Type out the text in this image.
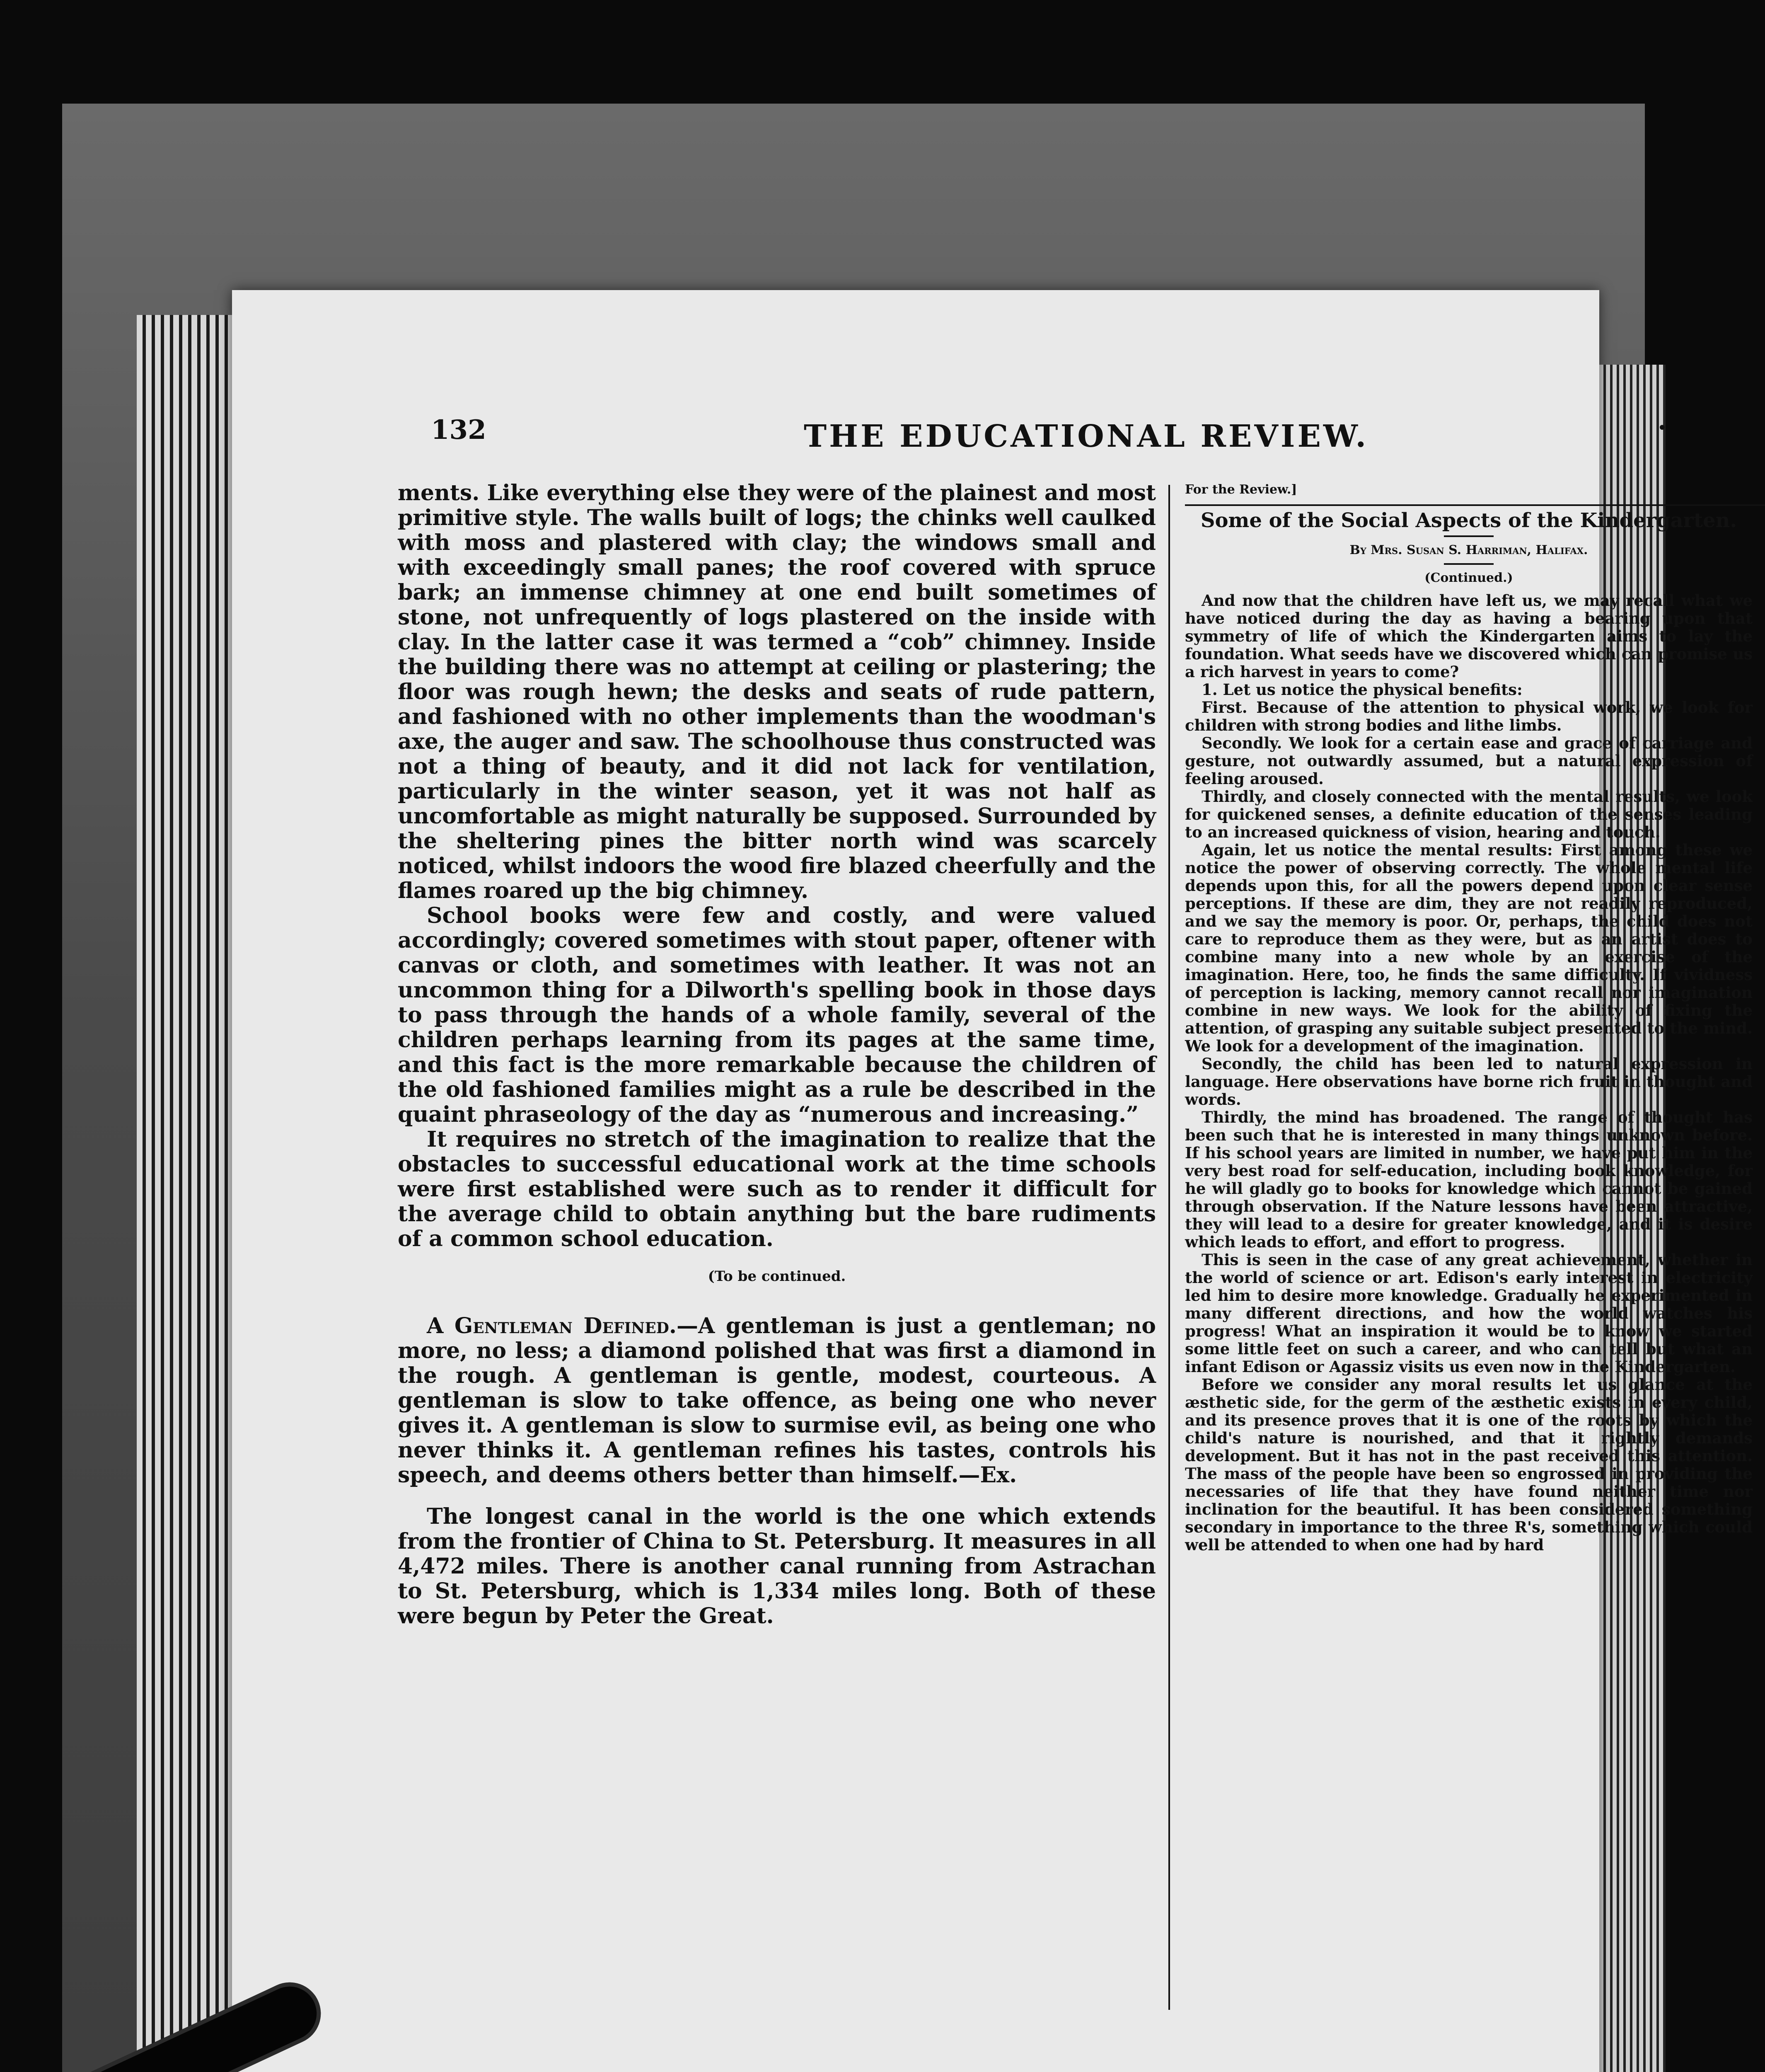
132	THE EDUCATIONAL REVIEW.	•

ments. Like everything else they were of the plainest and most primitive style. The walls built of logs; the chinks well caulked with moss and plastered with clay; the windows small and with exceedingly small panes; the roof covered with spruce bark; an immense chimney at one end built sometimes of stone, not unfrequently of logs plastered on the inside with clay. In the latter case it was termed a “cob” chimney. Inside the building there was no attempt at ceiling or plastering; the floor was rough hewn; the desks and seats of rude pattern, and fashioned with no other implements than the woodman's axe, the auger and saw. The schoolhouse thus constructed was not a thing of beauty, and it did not lack for ventilation, particularly in the winter season, yet it was not half as uncomfortable as might naturally be supposed. Surrounded by the sheltering pines the bitter north wind was scarcely noticed, whilst indoors the wood fire blazed cheerfully and the flames roared up the big chimney.

School books were few and costly, and were valued accordingly; covered sometimes with stout paper, oftener with canvas or cloth, and sometimes with leather. It was not an uncommon thing for a Dilworth's spelling book in those days to pass through the hands of a whole family, several of the children perhaps learning from its pages at the same time, and this fact is the more remarkable because the children of the old fashioned families might as a rule be described in the quaint phraseology of the day as “numerous and increasing.”

It requires no stretch of the imagination to realize that the obstacles to successful educational work at the time schools were first established were such as to render it difficult for the average child to obtain anything but the bare rudiments of a common school education.

(To be continued.

A Gentleman Defined.—A gentleman is just a gentleman; no more, no less; a diamond polished that was first a diamond in the rough. A gentleman is gentle, modest, courteous. A gentleman is slow to take offence, as being one who never gives it. A gentleman is slow to surmise evil, as being one who never thinks it. A gentleman refines his tastes, controls his speech, and deems others better than himself.—Ex.

The longest canal in the world is the one which extends from the frontier of China to St. Petersburg. It measures in all 4,472 miles. There is another canal running from Astrachan to St. Petersburg, which is 1,334 miles long. Both of these were begun by Peter the Great.

For the Review.]
Some of the Social Aspects of the Kindergarten.
By Mrs. Susan S. Harriman, Halifax.
(Continued.)

And now that the children have left us, we may recall what we have noticed during the day as having a bearing upon that symmetry of life of which the Kindergarten aims to lay the foundation. What seeds have we discovered which can promise us a rich harvest in years to come?

1. Let us notice the physical benefits:

First. Because of the attention to physical work, we look for children with strong bodies and lithe limbs.

Secondly. We look for a certain ease and grace of carriage and gesture, not outwardly assumed, but a natural expression of feeling aroused.

Thirdly, and closely connected with the mental results, we look for quickened senses, a definite education of the senses leading to an increased quickness of vision, hearing and touch.

Again, let us notice the mental results: First among these we notice the power of observing correctly. The whole mental life depends upon this, for all the powers depend upon clear sense perceptions. If these are dim, they are not readily reproduced, and we say the memory is poor. Or, perhaps, the child does not care to reproduce them as they were, but as an artist does to combine many into a new whole by an exercise of the imagination. Here, too, he finds the same difficulty. If vividness of perception is lacking, memory cannot recall nor imagination combine in new ways. We look for the ability of fixing the attention, of grasping any suitable subject presented to the mind. We look for a development of the imagination.

Secondly, the child has been led to natural expression in language. Here observations have borne rich fruit in thought and words.

Thirdly, the mind has broadened. The range of thought has been such that he is interested in many things unknown before. If his school years are limited in number, we have put him in the very best road for self-education, including book knowledge, for he will gladly go to books for knowledge which cannot be gained through observation. If the Nature lessons have been attractive, they will lead to a desire for greater knowledge, and it is desire which leads to effort, and effort to progress.

This is seen in the case of any great achievement, whether in the world of science or art. Edison's early interest in electricity led him to desire more knowledge. Gradually he experimented in many different directions, and how the world watches his progress! What an inspiration it would be to know we started some little feet on such a career, and who can tell but what an infant Edison or Agassiz visits us even now in the Kindergarten.

Before we consider any moral results let us glance at the æsthetic side, for the germ of the æsthetic exists in every child, and its presence proves that it is one of the roots by which the child's nature is nourished, and that it rightly demands development. But it has not in the past received this attention. The mass of the people have been so engrossed in providing the necessaries of life that they have found neither time nor inclination for the beautiful. It has been considered something secondary in importance to the three R's, something which could well be attended to when one had by hard
